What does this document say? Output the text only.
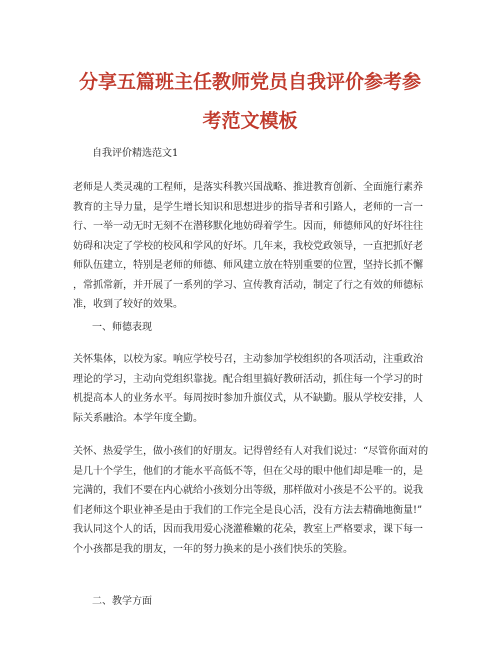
分享五篇班主任教师党员自我评价参考参
考范文模板
自我评价精选范文1
老师是人类灵魂的工程师，是落实科教兴国战略、推进教育创新、全面施行素养
教育的主导力量，是学生增长知识和思想进步的指导者和引路人，老师的一言一
行、一举一动无时无刻不在潜移默化地妨碍着学生。因而，师德师风的好坏往往
妨碍和决定了学校的校风和学风的好坏。几年来，我校党政领导，一直把抓好老
师队伍建立，特别是老师的师德、师风建立放在特别重要的位置，坚持长抓不懈
，常抓常新，并开展了一系列的学习、宣传教育活动，制定了行之有效的师德标
准，收到了较好的效果。
一、师德表现
关怀集体，以校为家。响应学校号召，主动参加学校组织的各项活动，注重政治
理论的学习，主动向党组织靠拢。配合组里搞好教研活动，抓住每一个学习的时
机提高本人的业务水平。每周按时参加升旗仪式，从不缺勤。服从学校安排，人
际关系融洽。本学年度全勤。
关怀、热爱学生，做小孩们的好朋友。记得曾经有人对我们说过：“尽管你面对的
是几十个学生，他们的才能水平高低不等，但在父母的眼中他们却是唯一的，是
完满的，我们不要在内心就给小孩划分出等级，那样做对小孩是不公平的。说我
们老师这个职业神圣是由于我们的工作完全是良心活，没有方法去精确地衡量!”
我认同这个人的话，因而我用爱心浇灌稚嫩的花朵，教室上严格要求，课下每一
个小孩都是我的朋友，一年的努力换来的是小孩们快乐的笑脸。
二、教学方面
